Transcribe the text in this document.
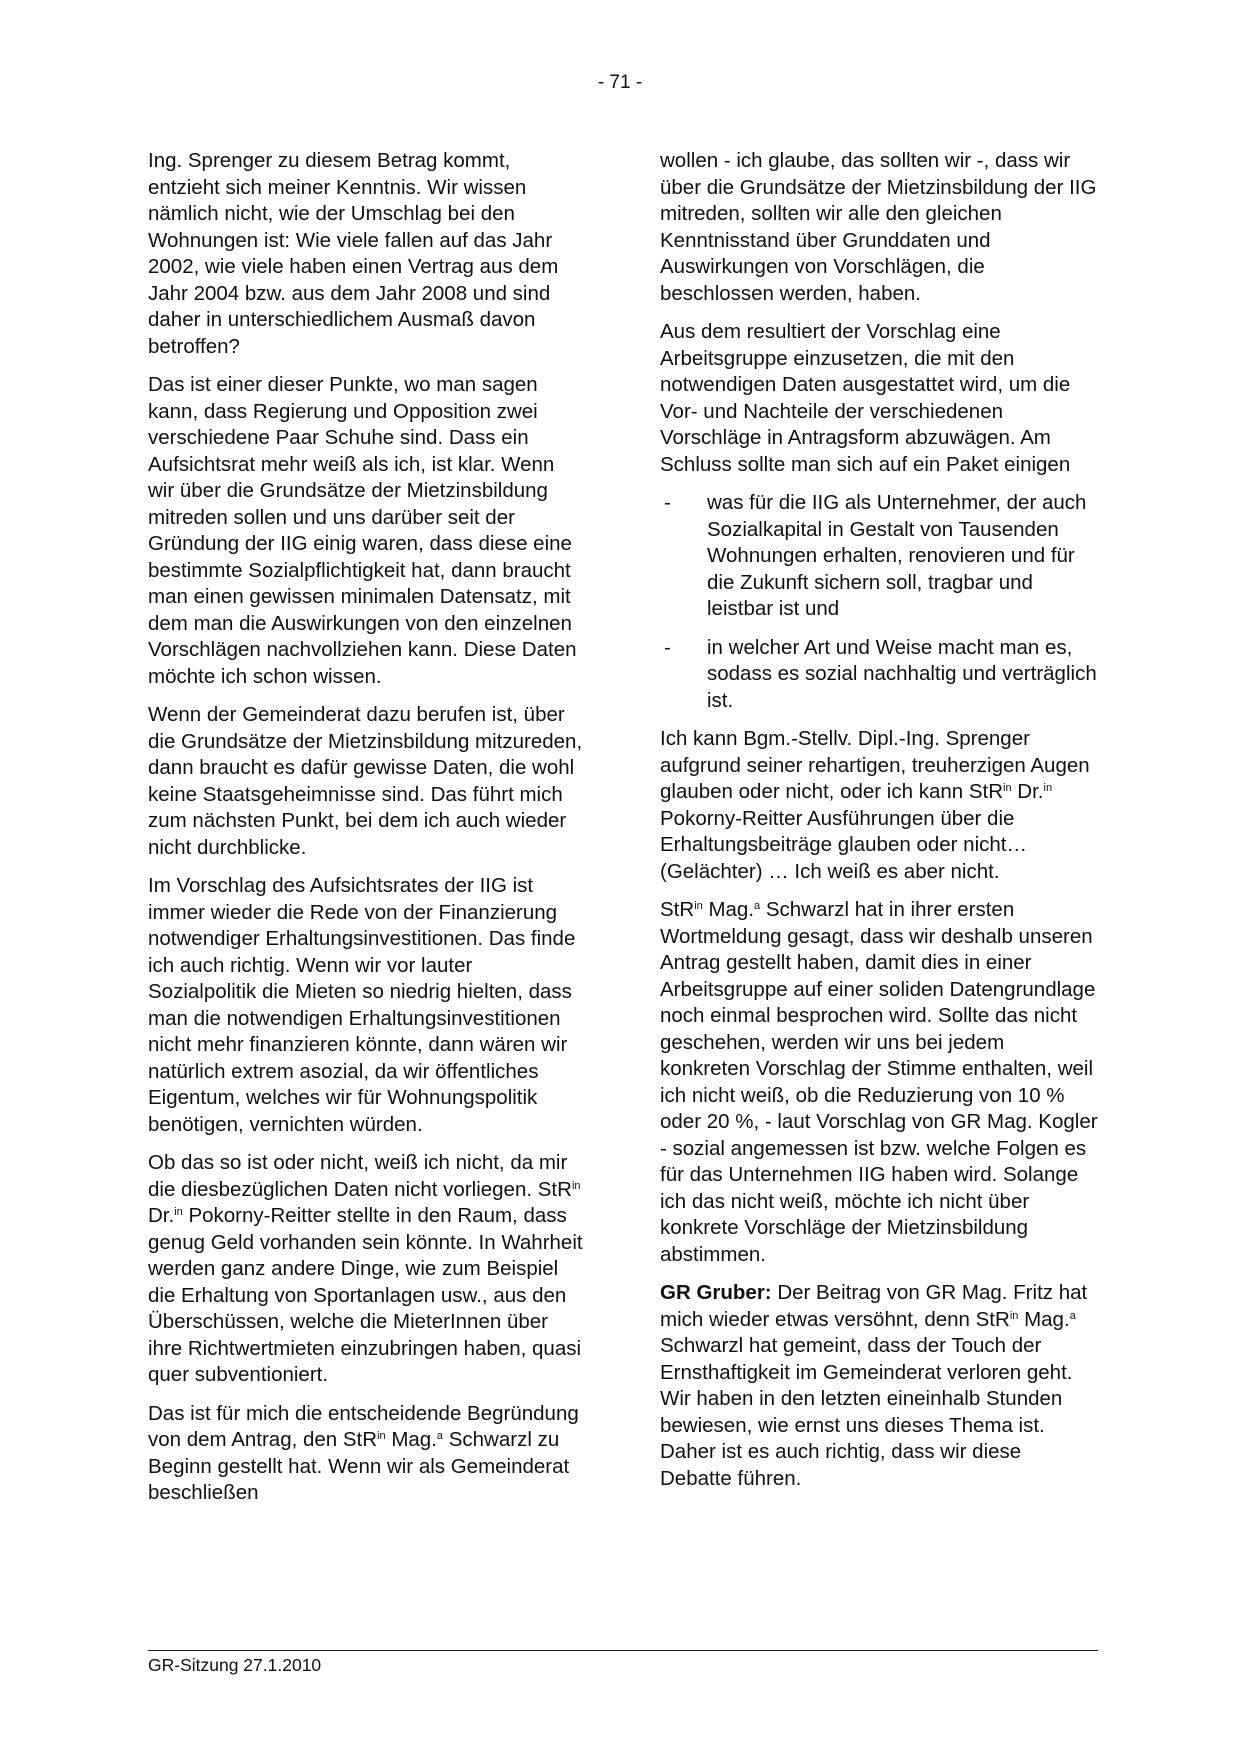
- 71 -

Ing. Sprenger zu diesem Betrag kommt, entzieht sich meiner Kenntnis. Wir wissen nämlich nicht, wie der Umschlag bei den Wohnungen ist: Wie viele fallen auf das Jahr 2002, wie viele haben einen Vertrag aus dem Jahr 2004 bzw. aus dem Jahr 2008 und sind daher in unterschiedlichem Ausmaß davon betroffen?

Das ist einer dieser Punkte, wo man sagen kann, dass Regierung und Opposition zwei verschiedene Paar Schuhe sind. Dass ein Aufsichtsrat mehr weiß als ich, ist klar. Wenn wir über die Grundsätze der Mietzinsbildung mitreden sollen und uns darüber seit der Gründung der IIG einig waren, dass diese eine bestimmte Sozialpflichtigkeit hat, dann braucht man einen gewissen minimalen Datensatz, mit dem man die Auswirkungen von den einzelnen Vorschlägen nachvollziehen kann. Diese Daten möchte ich schon wissen.

Wenn der Gemeinderat dazu berufen ist, über die Grundsätze der Mietzinsbildung mitzureden, dann braucht es dafür gewisse Daten, die wohl keine Staatsgeheimnisse sind. Das führt mich zum nächsten Punkt, bei dem ich auch wieder nicht durchblicke.

Im Vorschlag des Aufsichtsrates der IIG ist immer wieder die Rede von der Finanzierung notwendiger Erhaltungsinvestitionen. Das finde ich auch richtig. Wenn wir vor lauter Sozialpolitik die Mieten so niedrig hielten, dass man die notwendigen Erhaltungsinvestitionen nicht mehr finanzieren könnte, dann wären wir natürlich extrem asozial, da wir öffentliches Eigentum, welches wir für Wohnungspolitik benötigen, vernichten würden.

Ob das so ist oder nicht, weiß ich nicht, da mir die diesbezüglichen Daten nicht vorliegen. StR$^{in}$ Dr.$^{in}$ Pokorny-Reitter stellte in den Raum, dass genug Geld vorhanden sein könnte. In Wahrheit werden ganz andere Dinge, wie zum Beispiel die Erhaltung von Sportanlagen usw., aus den Überschüssen, welche die MieterInnen über ihre Richtwertmieten einzubringen haben, quasi quer subventioniert.

Das ist für mich die entscheidende Begründung von dem Antrag, den StR$^{in}$ Mag.$^a$ Schwarzl zu Beginn gestellt hat. Wenn wir als Gemeinderat beschließen

wollen - ich glaube, das sollten wir -, dass wir über die Grundsätze der Mietzinsbildung der IIG mitreden, sollten wir alle den gleichen Kenntnisstand über Grunddaten und Auswirkungen von Vorschlägen, die beschlossen werden, haben.

Aus dem resultiert der Vorschlag eine Arbeitsgruppe einzusetzen, die mit den notwendigen Daten ausgestattet wird, um die Vor- und Nachteile der verschiedenen Vorschläge in Antragsform abzuwägen. Am Schluss sollte man sich auf ein Paket einigen

- was für die IIG als Unternehmer, der auch Sozialkapital in Gestalt von Tausenden Wohnungen erhalten, renovieren und für die Zukunft sichern soll, tragbar und leistbar ist und
- in welcher Art und Weise macht man es, sodass es sozial nachhaltig und verträglich ist.

Ich kann Bgm.-Stellv. Dipl.-Ing. Sprenger aufgrund seiner rehartigen, treuherzigen Augen glauben oder nicht, oder ich kann StR$^{in}$ Dr.$^{in}$ Pokorny-Reitter Ausführungen über die Erhaltungsbeiträge glauben oder nicht… (Gelächter) … Ich weiß es aber nicht.

StR$^{in}$ Mag.$^a$ Schwarzl hat in ihrer ersten Wortmeldung gesagt, dass wir deshalb unseren Antrag gestellt haben, damit dies in einer Arbeitsgruppe auf einer soliden Datengrundlage noch einmal besprochen wird. Sollte das nicht geschehen, werden wir uns bei jedem konkreten Vorschlag der Stimme enthalten, weil ich nicht weiß, ob die Reduzierung von 10 % oder 20 %, - laut Vorschlag von GR Mag. Kogler - sozial angemessen ist bzw. welche Folgen es für das Unternehmen IIG haben wird. Solange ich das nicht weiß, möchte ich nicht über konkrete Vorschläge der Mietzinsbildung abstimmen.

GR Gruber: Der Beitrag von GR Mag. Fritz hat mich wieder etwas versöhnt, denn StR$^{in}$ Mag.$^a$ Schwarzl hat gemeint, dass der Touch der Ernsthaftigkeit im Gemeinderat verloren geht. Wir haben in den letzten eineinhalb Stunden bewiesen, wie ernst uns dieses Thema ist. Daher ist es auch richtig, dass wir diese Debatte führen.

GR-Sitzung 27.1.2010
